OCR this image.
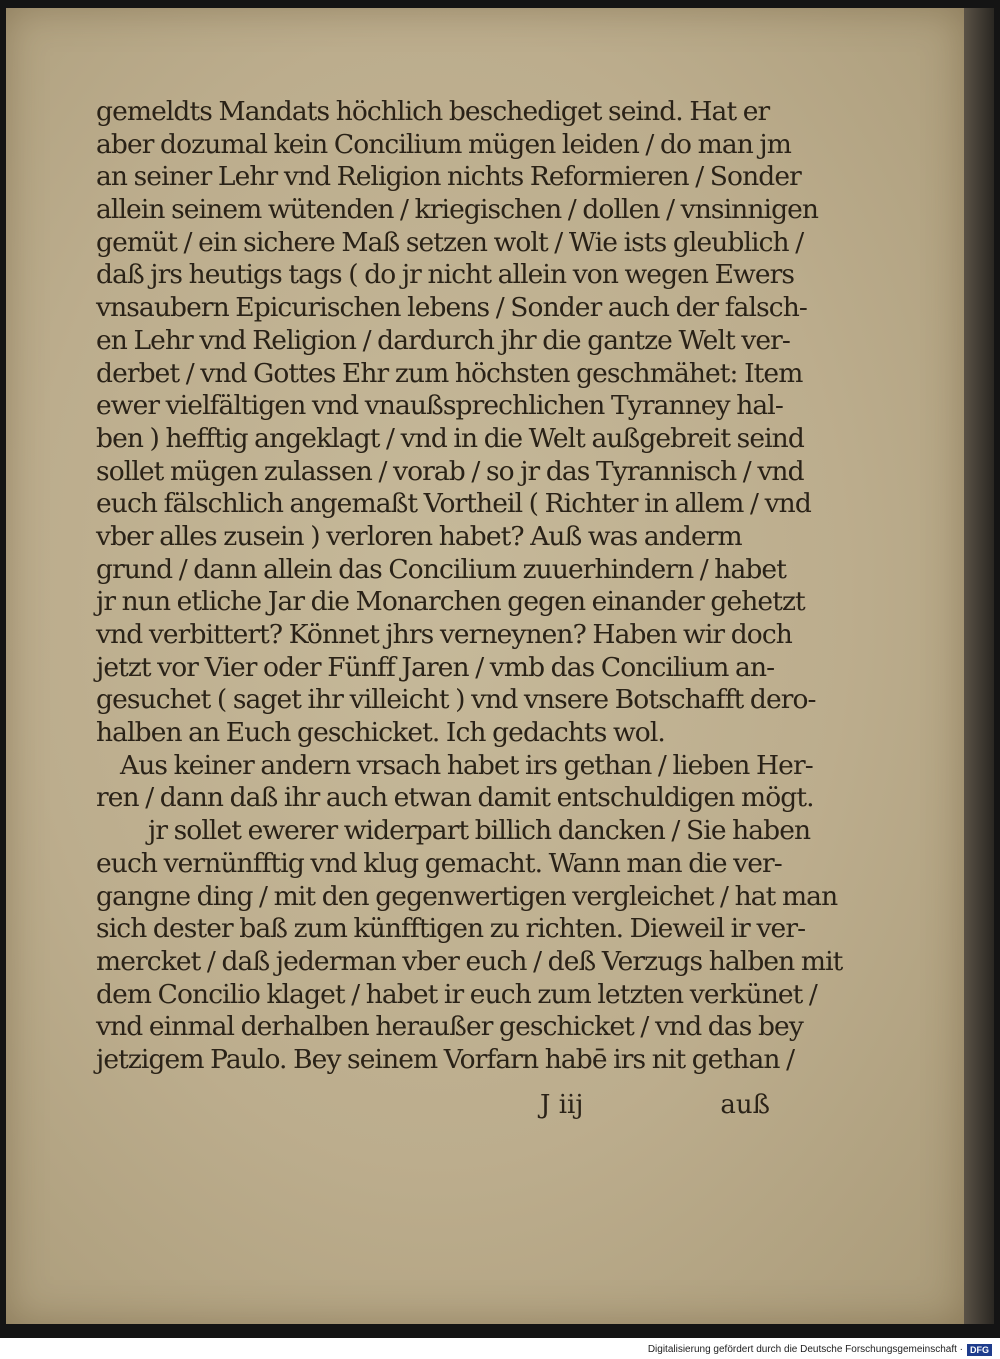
gemeldts Mandats höchlich beschediget seind. Hat er
aber dozumal kein Concilium mügen leiden / do man jm
an seiner Lehr vnd Religion nichts Reformieren / Sonder
allein seinem wütenden / kriegischen / dollen / vnsinnigen
gemüt / ein sichere Maß setzen wolt / Wie ists gleublich /
daß jrs heutigs tags ( do jr nicht allein von wegen Ewers
vnsaubern Epicurischen lebens / Sonder auch der falsch-
en Lehr vnd Religion / dardurch jhr die gantze Welt ver-
derbet / vnd Gottes Ehr zum höchsten geschmähet: Item
ewer vielfältigen vnd vnaußsprechlichen Tyranney hal-
ben ) hefftig angeklagt / vnd in die Welt außgebreit seind
sollet mügen zulassen / vorab / so jr das Tyrannisch / vnd
euch fälschlich angemaßt Vortheil ( Richter in allem / vnd
vber alles zusein ) verloren habet? Auß was anderm
grund / dann allein das Concilium zuuerhindern / habet
jr nun etliche Jar die Monarchen gegen einander gehetzt
vnd verbittert? Könnet jhrs verneynen? Haben wir doch
jetzt vor Vier oder Fünff Jaren / vmb das Concilium an-
gesuchet ( saget ihr villeicht ) vnd vnsere Botschafft dero-
halben an Euch geschicket. Ich gedachts wol.
Aus keiner andern vrsach habet irs gethan / lieben Her-
ren / dann daß ihr auch etwan damit entschuldigen mögt.
jr sollet ewerer widerpart billich dancken / Sie haben
euch vernünfftig vnd klug gemacht. Wann man die ver-
gangne ding / mit den gegenwertigen vergleichet / hat man
sich dester baß zum künfftigen zu richten. Dieweil ir ver-
mercket / daß jederman vber euch / deß Verzugs halben mit
dem Concilio klaget / habet ir euch zum letzten verkünet /
vnd einmal derhalben heraußer geschicket / vnd das bey
jetzigem Paulo. Bey seinem Vorfarn habē irs nit gethan /
J iij	auß
Digitalisierung gefördert durch die Deutsche Forschungsgemeinschaft · DFG
